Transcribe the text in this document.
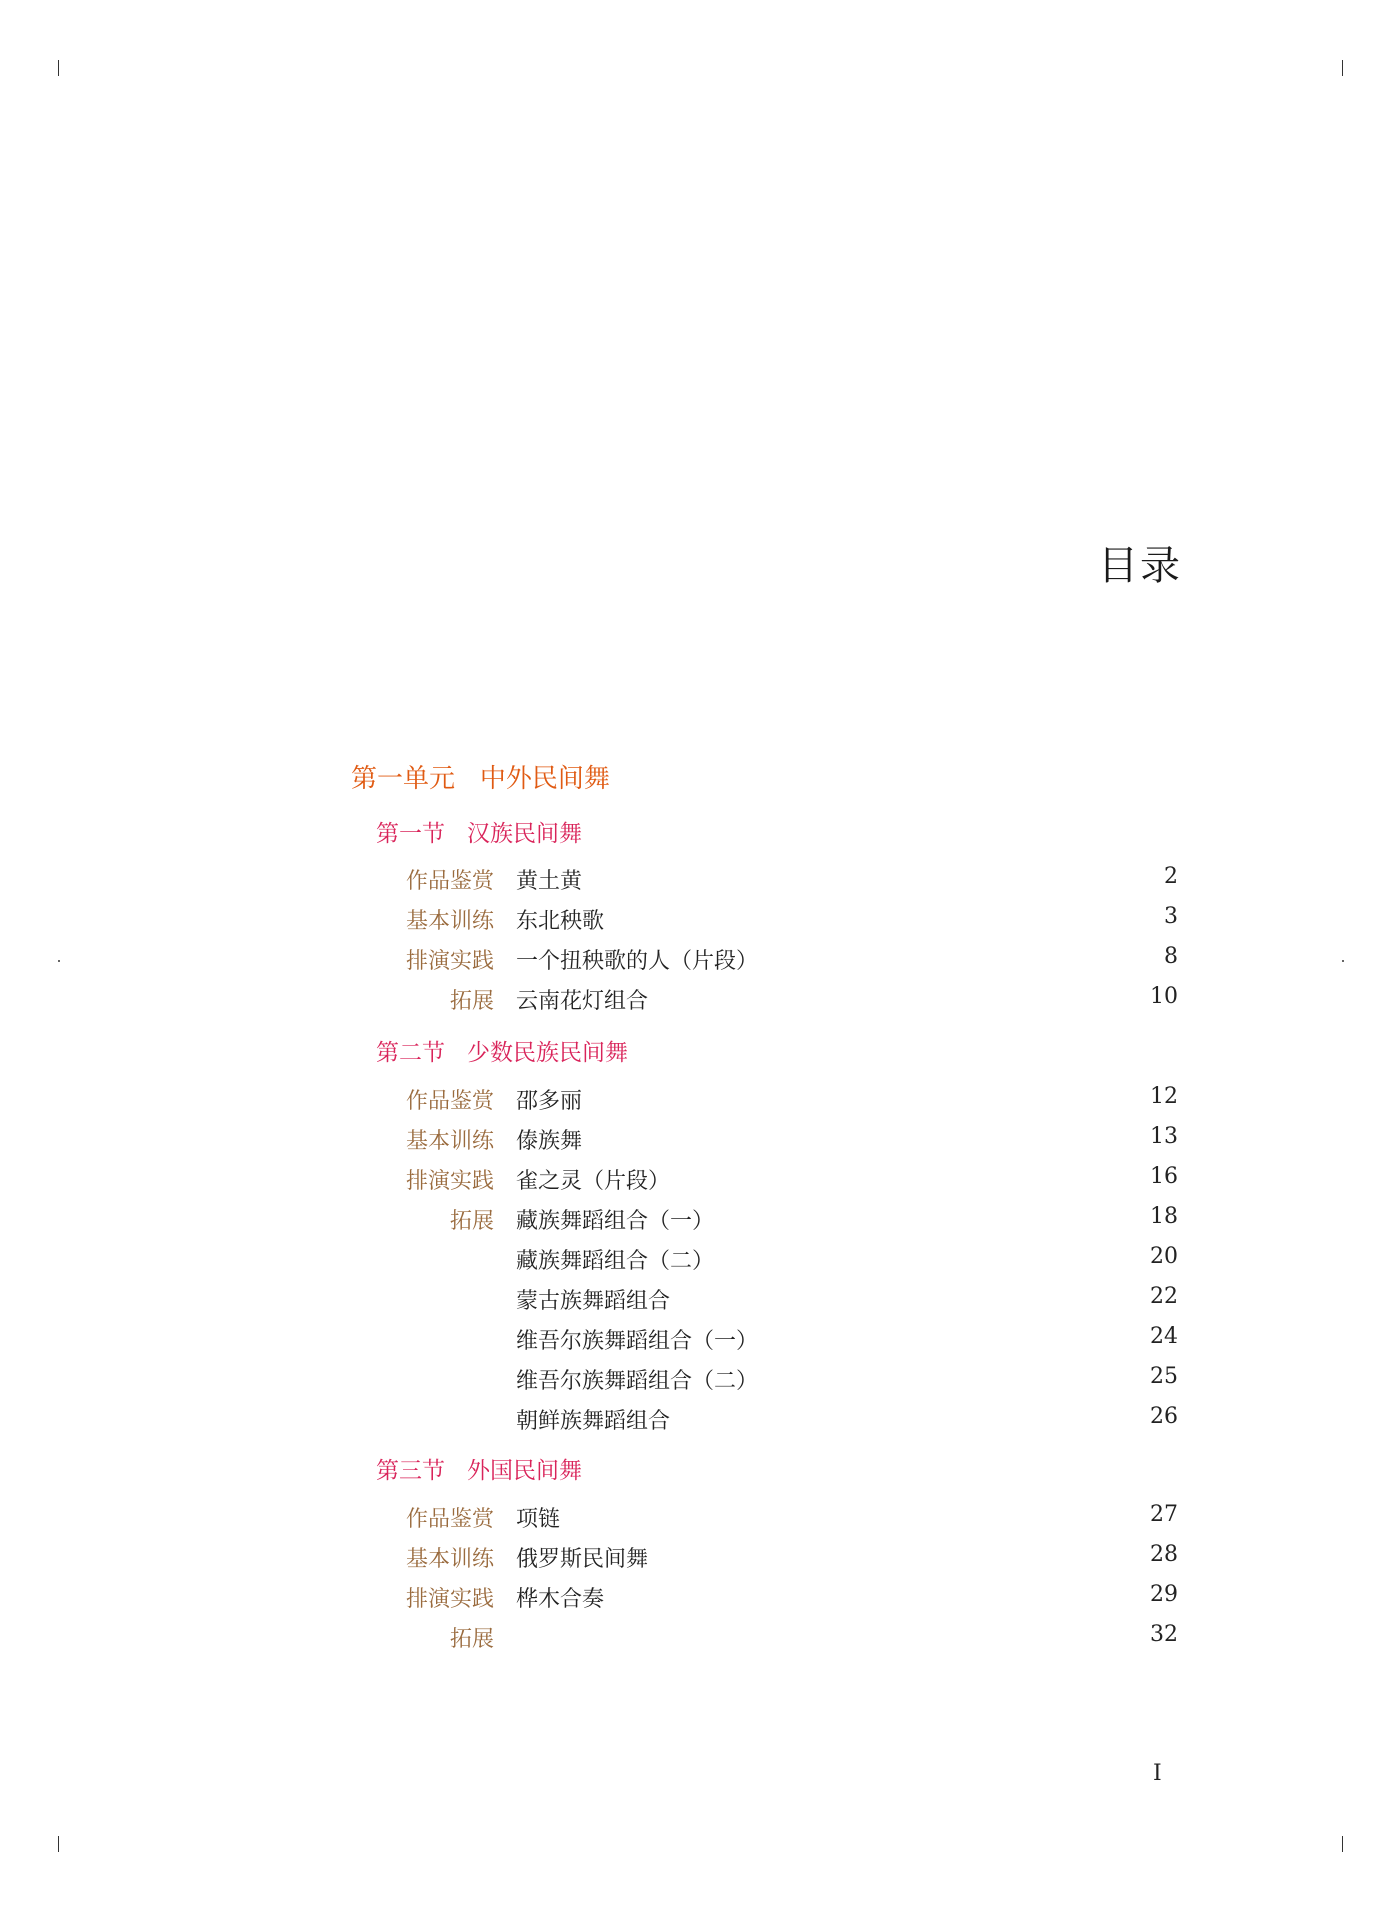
目录
第一单元 中外民间舞
第一节 汉族民间舞
作品鉴赏 黄土黄	2
基本训练 东北秧歌	3
排演实践 一个扭秧歌的人（片段）	8
拓展 云南花灯组合	10
第二节 少数民族民间舞
作品鉴赏 邵多丽	12
基本训练 傣族舞	13
排演实践 雀之灵（片段）	16
拓展 藏族舞蹈组合（一）	18
藏族舞蹈组合（二）	20
蒙古族舞蹈组合	22
维吾尔族舞蹈组合（一）	24
维吾尔族舞蹈组合（二）	25
朝鲜族舞蹈组合	26
第三节 外国民间舞
作品鉴赏 项链	27
基本训练 俄罗斯民间舞	28
排演实践 桦木合奏	29
拓展	32
I
